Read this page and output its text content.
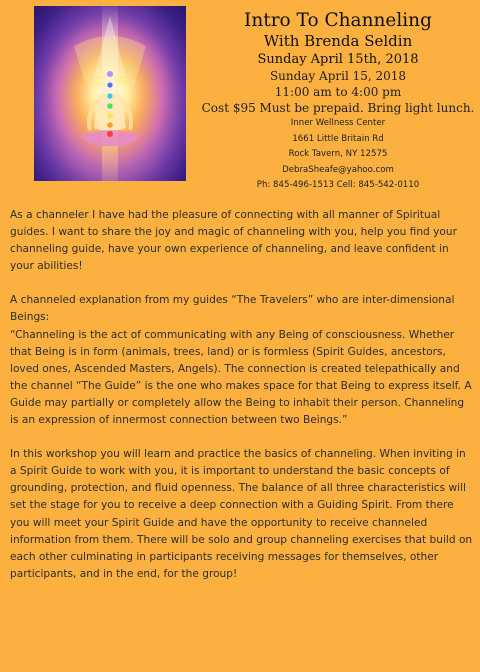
Intro To Channeling

With Brenda Seldin

Sunday April 15th, 2018

Sunday April 15, 2018

11:00 am to 4:00 pm

Cost $95 Must be prepaid. Bring light lunch.

Inner Wellness Center

1661 Little Britain Rd

Rock Tavern, NY 12575

DebraSheafe@yahoo.com

Ph: 845-496-1513 Cell: 845-542-0110

As a channeler I have had the pleasure of connecting with all manner of Spiritual guides. I want to share the joy and magic of channeling with you, help you find your channeling guide, have your own experience of channeling, and leave confident in your abilities!

A channeled explanation from my guides “The Travelers” who are inter-dimensional Beings:

“Channeling is the act of communicating with any Being of consciousness. Whether that Being is in form (animals, trees, land) or is formless (Spirit Guides, ancestors, loved ones, Ascended Masters, Angels). The connection is created telepathically and the channel “The Guide” is the one who makes space for that Being to express itself. A Guide may partially or completely allow the Being to inhabit their person. Channeling is an expression of innermost connection between two Beings.”

In this workshop you will learn and practice the basics of channeling. When inviting in a Spirit Guide to work with you, it is important to understand the basic concepts of grounding, protection, and fluid openness. The balance of all three characteristics will set the stage for you to receive a deep connection with a Guiding Spirit. From there you will meet your Spirit Guide and have the opportunity to receive channeled information from them. There will be solo and group channeling exercises that build on each other culminating in participants receiving messages for themselves, other participants, and in the end, for the group!
